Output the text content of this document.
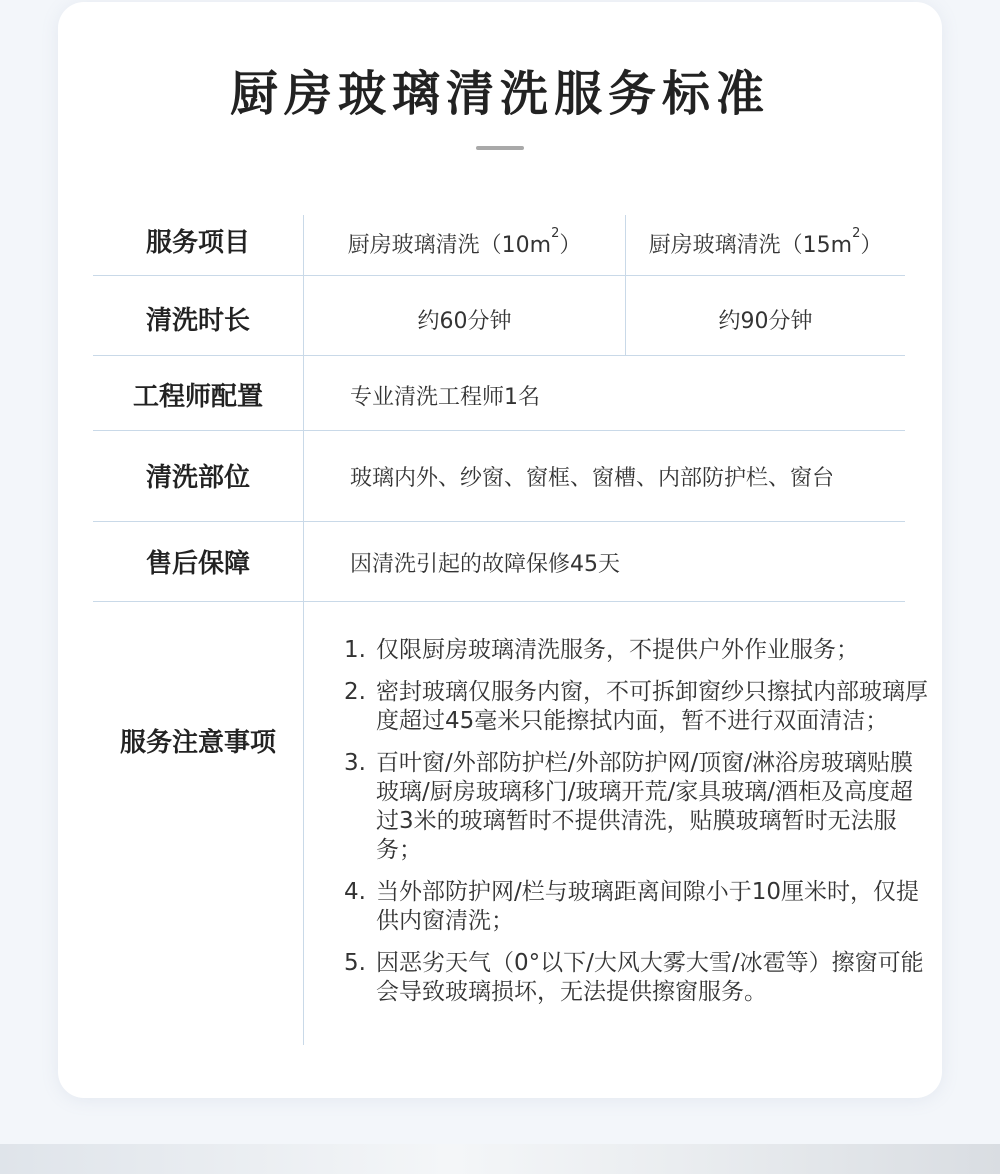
厨房玻璃清洗服务标准
服务项目	厨房玻璃清洗$(10m^2)$	厨房玻璃清洗$(15m^2)$
清洗时长	约60分钟	约90分钟
工程师配置	专业清洗工程师1名
清洗部位	玻璃内外、纱窗、窗框、窗槽、内部防护栏、窗台
售后保障	因清洗引起的故障保修45天
服务注意事项
1. 仅限厨房玻璃清洗服务，不提供户外作业服务；
2. 密封玻璃仅服务内窗，不可拆卸窗纱只擦拭内部玻璃厚度超过45毫米只能擦拭内面，暂不进行双面清洁；
3. 百叶窗/外部防护栏/外部防护网/顶窗/淋浴房玻璃贴膜玻璃/厨房玻璃移门/玻璃开荒/家具玻璃/酒柜及高度超过3米的玻璃暂时不提供清洗，贴膜玻璃暂时无法服务；
4. 当外部防护网/栏与玻璃距离间隙小于10厘米时，仅提供内窗清洗；
5. 因恶劣天气（0°以下/大风大雾大雪/冰雹等）擦窗可能会导致玻璃损坏，无法提供擦窗服务。
